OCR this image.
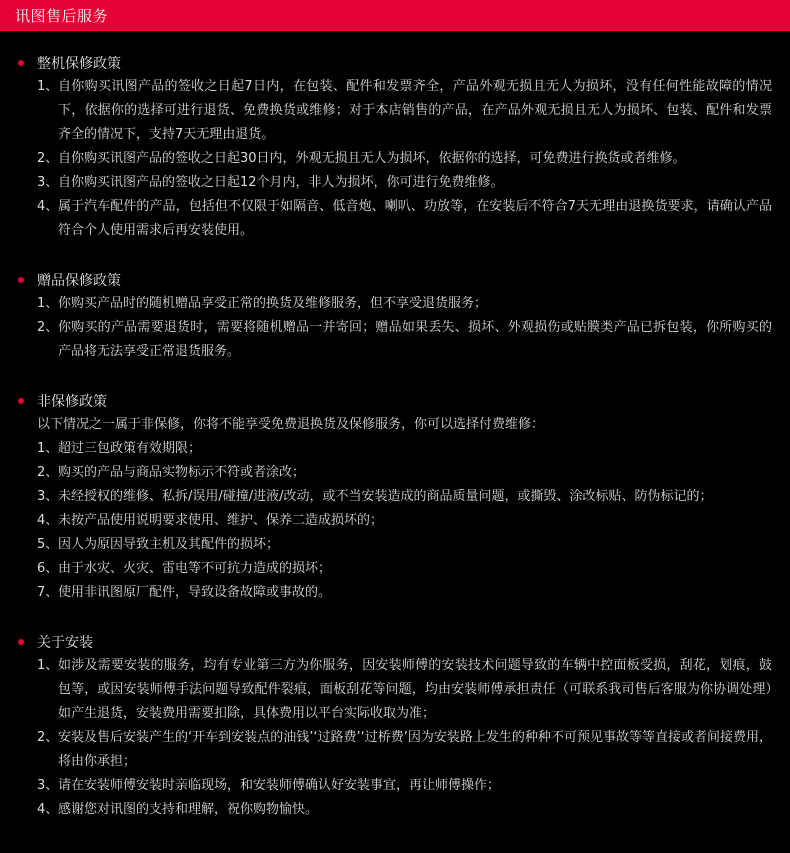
讯图售后服务
整机保修政策
1、 自你购买讯图产品的签收之日起7日内，在包装、配件和发票齐全，产品外观无损且无人为损坏，没有任何性能故障的情况下，依据你的选择可进行退货、免费换货或维修；对于本店销售的产品，在产品外观无损且无人为损坏、包装、配件和发票齐全的情况下，支持7天无理由退货。
2、 自你购买讯图产品的签收之日起30日内，外观无损且无人为损坏，依据你的选择，可免费进行换货或者维修。
3、 自你购买讯图产品的签收之日起12个月内，非人为损坏，你可进行免费维修。
4、 属于汽车配件的产品，包括但不仅限于如隔音、低音炮、喇叭、功放等，在安装后不符合7天无理由退换货要求，请确认产品符合个人使用需求后再安装使用。
赠品保修政策
1、 你购买产品时的随机赠品享受正常的换货及维修服务，但不享受退货服务；
2、 你购买的产品需要退货时，需要将随机赠品一并寄回；赠品如果丢失、损坏、外观损伤或贴膜类产品已拆包装，你所购买的产品将无法享受正常退货服务。
非保修政策
以下情况之一属于非保修，你将不能享受免费退换货及保修服务，你可以选择付费维修：
1、 超过三包政策有效期限；
2、 购买的产品与商品实物标示不符或者涂改；
3、 未经授权的维修、私拆/误用/碰撞/进液/改动，或不当安装造成的商品质量问题，或撕毁、涂改标贴、防伪标记的；
4、 未按产品使用说明要求使用、维护、保养二造成损坏的；
5、 因人为原因导致主机及其配件的损坏；
6、 由于水灾、火灾、雷电等不可抗力造成的损坏；
7、 使用非讯图原厂配件，导致设备故障或事故的。
关于安装
1、 如涉及需要安装的服务，均有专业第三方为你服务，因安装师傅的安装技术问题导致的车辆中控面板受损，刮花，划痕，鼓包等，或因安装师傅手法问题导致配件裂痕，面板刮花等问题，均由安装师傅承担责任（可联系我司售后客服为你协调处理）如产生退货，安装费用需要扣除，具体费用以平台实际收取为准；
2、 安装及售后安装产生的‘开车到安装点的油钱’‘过路费’‘过桥费’因为安装路上发生的种种不可预见事故等等直接或者间接费用，将由你承担；
3、 请在安装师傅安装时亲临现场，和安装师傅确认好安装事宜，再让师傅操作；
4、 感谢您对讯图的支持和理解，祝你购物愉快。
